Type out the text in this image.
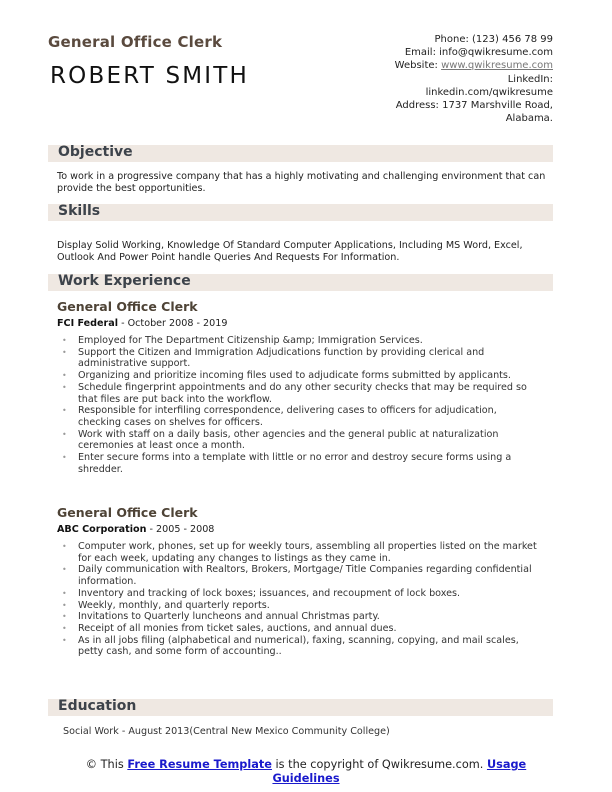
General Office Clerk
ROBERT SMITH
Phone: (123) 456 78 99
Email: info@qwikresume.com
Website: www.qwikresume.com
LinkedIn:
linkedin.com/qwikresume
Address: 1737 Marshville Road,
Alabama.
Objective
To work in a progressive company that has a highly motivating and challenging environment that can provide the best opportunities.
Skills
Display Solid Working, Knowledge Of Standard Computer Applications, Including MS Word, Excel, Outlook And Power Point handle Queries And Requests For Information.
Work Experience
General Office Clerk
FCI Federal - October 2008 - 2019
• Employed for The Department Citizenship &amp; Immigration Services.
• Support the Citizen and Immigration Adjudications function by providing clerical and administrative support.
• Organizing and prioritize incoming files used to adjudicate forms submitted by applicants.
• Schedule fingerprint appointments and do any other security checks that may be required so that files are put back into the workflow.
• Responsible for interfiling correspondence, delivering cases to officers for adjudication, checking cases on shelves for officers.
• Work with staff on a daily basis, other agencies and the general public at naturalization ceremonies at least once a month.
• Enter secure forms into a template with little or no error and destroy secure forms using a shredder.
General Office Clerk
ABC Corporation - 2005 - 2008
• Computer work, phones, set up for weekly tours, assembling all properties listed on the market for each week, updating any changes to listings as they came in.
• Daily communication with Realtors, Brokers, Mortgage/ Title Companies regarding confidential information.
• Inventory and tracking of lock boxes; issuances, and recoupment of lock boxes.
• Weekly, monthly, and quarterly reports.
• Invitations to Quarterly luncheons and annual Christmas party.
• Receipt of all monies from ticket sales, auctions, and annual dues.
• As in all jobs filing (alphabetical and numerical), faxing, scanning, copying, and mail scales, petty cash, and some form of accounting..
Education
Social Work - August 2013(Central New Mexico Community College)
© This Free Resume Template is the copyright of Qwikresume.com. Usage Guidelines
